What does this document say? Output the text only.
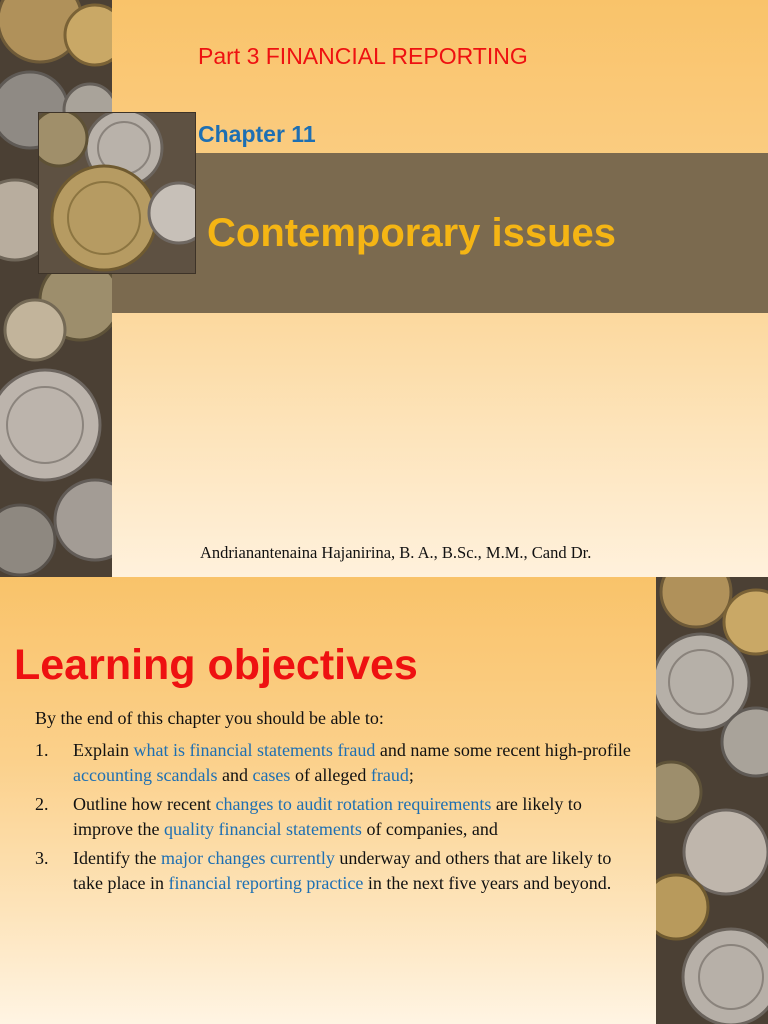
Part 3 FINANCIAL REPORTING
Chapter 11
Contemporary issues
Andrianantenaina Hajanirina, B. A., B.Sc., M.M., Cand Dr.
Learning objectives
By the end of this chapter you should be able to:
1. Explain what is financial statements fraud and name some recent high-profile accounting scandals and cases of alleged fraud;
2. Outline how recent changes to audit rotation requirements are likely to improve the quality financial statements of companies, and
3. Identify the major changes currently underway and others that are likely to take place in financial reporting practice in the next five years and beyond.
